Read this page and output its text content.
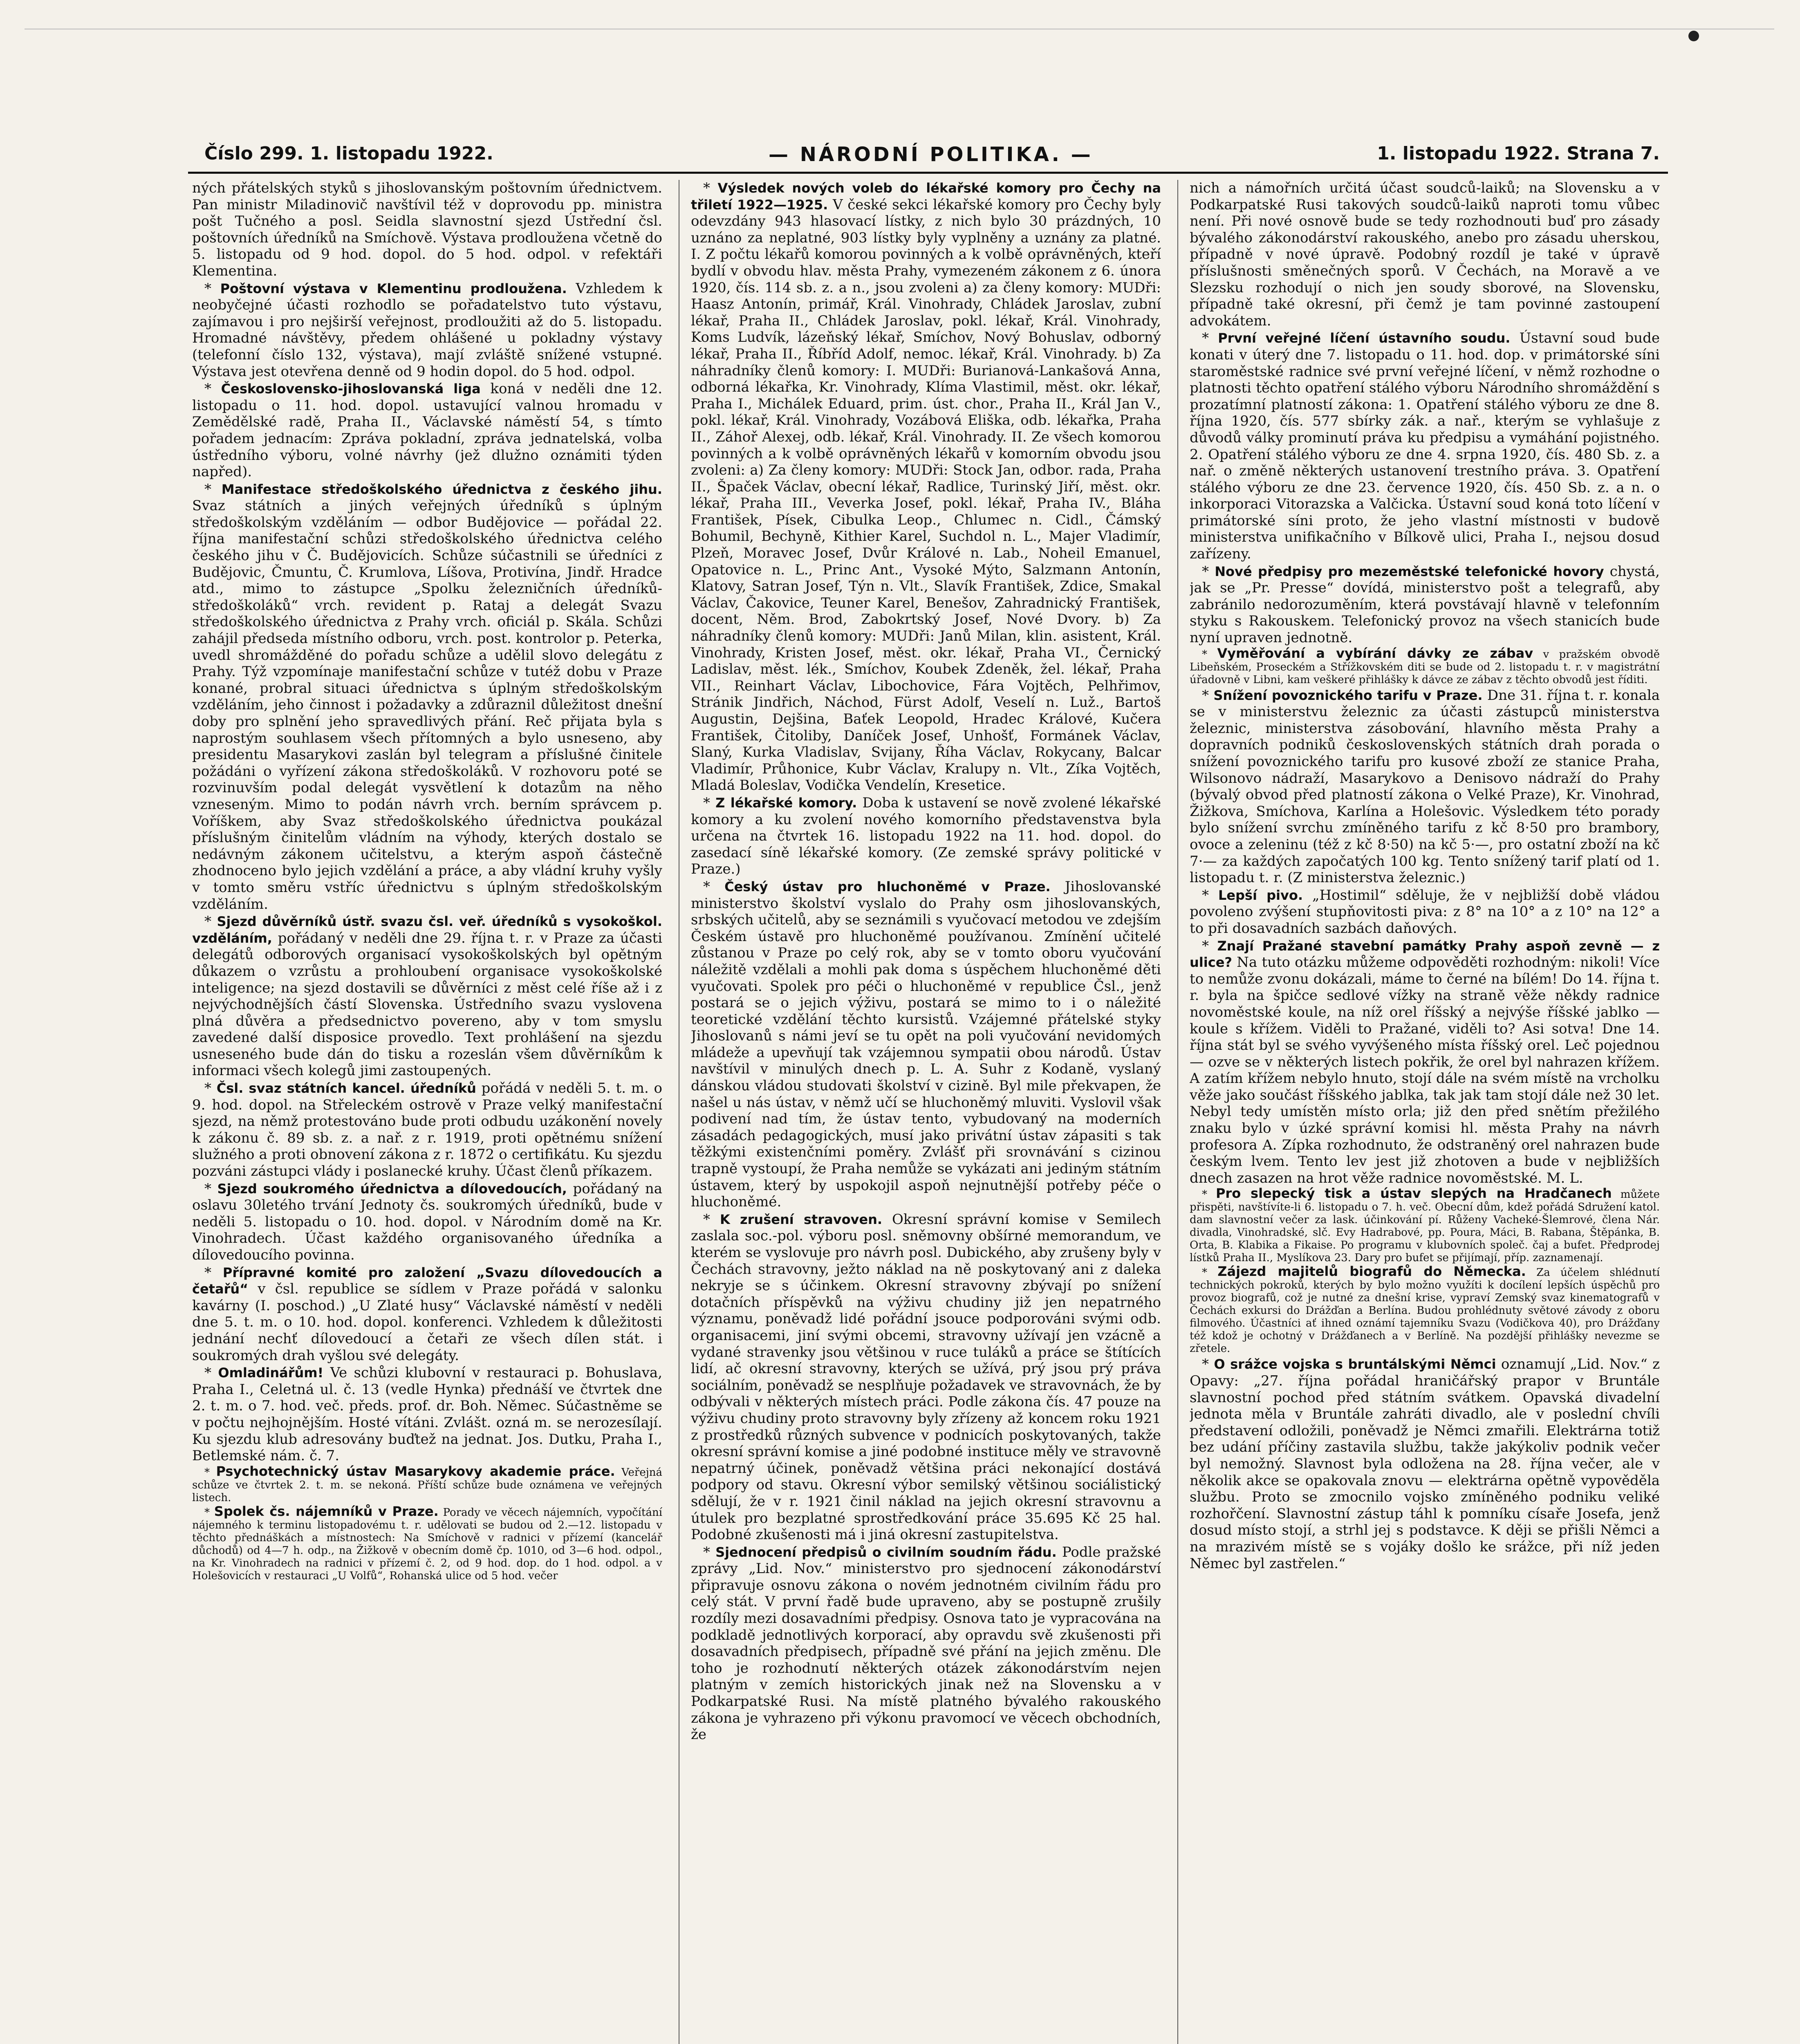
Číslo 299. 1. listopadu 1922.	— NÁRODNÍ POLITIKA. —	1. listopadu 1922. Strana 7.

ných přátelských styků s jihoslovanským poštovním úřednictvem. Pan ministr Miladinovič navštívil též v doprovodu pp. ministra pošt Tučného a posl. Seidla slavnostní sjezd Ústřední čsl. poštovních úředníků na Smíchově. Výstava prodloužena včetně do 5. listopadu od 9 hod. dopol. do 5 hod. odpol. v refektáři Klementina.

* Poštovní výstava v Klementinu prodloužena. Vzhledem k neobyčejné účasti rozhodlo se pořadatelstvo tuto výstavu, zajímavou i pro nejširší veřejnost, prodloužiti až do 5. listopadu. Hromadné návštěvy, předem ohlášené u pokladny výstavy (telefonní číslo 132, výstava), mají zvláště snížené vstupné. Výstava jest otevřena denně od 9 hodin dopol. do 5 hod. odpol.

* Československo-jihoslovanská liga koná v neděli dne 12. listopadu o 11. hod. dopol. ustavující valnou hromadu v Zemědělské radě, Praha II., Václavské náměstí 54, s tímto pořadem jednacím: Zpráva pokladní, zpráva jednatelská, volba ústředního výboru, volné návrhy (jež dlužno oznámiti týden napřed).

* Manifestace středoškolského úřednictva z českého jihu. Svaz státních a jiných veřejných úředníků s úplným středoškolským vzděláním — odbor Budějovice — pořádal 22. října manifestační schůzi středoškolského úřednictva celého českého jihu v Č. Budějovicích. Schůze súčastnili se úředníci z Budějovic, Čmuntu, Č. Krumlova, Líšova, Protivína, Jindř. Hradce atd., mimo to zástupce „Spolku železničních úředníků-středoškoláků“ vrch. revident p. Rataj a delegát Svazu středoškolského úřednictva z Prahy vrch. oficiál p. Skála. Schůzi zahájil předseda místního odboru, vrch. post. kontrolor p. Peterka, uvedl shromážděné do pořadu schůze a udělil slovo delegátu z Prahy. Týž vzpomínaje manifestační schůze v tutéž dobu v Praze konané, probral situaci úřednictva s úplným středoškolským vzděláním, jeho činnost i požadavky a zdůraznil důležitost dnešní doby pro splnění jeho spravedlivých přání. Reč přijata byla s naprostým souhlasem všech přítomných a bylo usneseno, aby presidentu Masarykovi zaslán byl telegram a příslušné činitele požádáni o vyřízení zákona středoškoláků. V rozhovoru poté se rozvinuvším podal delegát vysvětlení k dotazům na něho vzneseným. Mimo to podán návrh vrch. berním správcem p. Voříškem, aby Svaz středoškolského úřednictva poukázal příslušným činitelům vládním na výhody, kterých dostalo se nedávným zákonem učitelstvu, a kterým aspoň částečně zhodnoceno bylo jejich vzdělání a práce, a aby vládní kruhy vyšly v tomto směru vstříc úřednictvu s úplným středoškolským vzděláním.

* Sjezd důvěrníků ústř. svazu čsl. veř. úředníků s vysokoškol. vzděláním, pořádaný v neděli dne 29. října t. r. v Praze za účasti delegátů odborových organisací vysokoškolských byl opětným důkazem o vzrůstu a prohloubení organisace vysokoškolské inteligence; na sjezd dostavili se důvěrníci z měst celé říše až i z nejvýchodnějších částí Slovenska. Ústředního svazu vyslovena plná důvěra a předsednictvo povereno, aby v tom smyslu zavedené další disposice provedlo. Text prohlášení na sjezdu usneseného bude dán do tisku a rozeslán všem důvěrníkům k informaci všech kolegů jimi zastoupených.

* Čsl. svaz státních kancel. úředníků pořádá v neděli 5. t. m. o 9. hod. dopol. na Střeleckém ostrově v Praze velký manifestační sjezd, na němž protestováno bude proti odbudu uzákonění novely k zákonu č. 89 sb. z. a nař. z r. 1919, proti opětnému snížení služného a proti obnovení zákona z r. 1872 o certifikátu. Ku sjezdu pozváni zástupci vlády i poslanecké kruhy. Účast členů příkazem.

* Sjezd soukromého úřednictva a dílovedoucích, pořádaný na oslavu 30letého trvání Jednoty čs. soukromých úředníků, bude v neděli 5. listopadu o 10. hod. dopol. v Národním domě na Kr. Vinohradech. Účast každého organisovaného úředníka a dílovedoucího povinna.

* Přípravné komité pro založení „Svazu dílovedoucích a četařů“ v čsl. republice se sídlem v Praze pořádá v salonku kavárny (I. poschod.) „U Zlaté husy“ Václavské náměstí v neděli dne 5. t. m. o 10. hod. dopol. konferenci. Vzhledem k důležitosti jednání nechť dílovedoucí a četaři ze všech dílen stát. i soukromých drah vyšlou své delegáty.

* Omladinářům! Ve schůzi klubovní v restauraci p. Bohuslava, Praha I., Celetná ul. č. 13 (vedle Hynka) přednáší ve čtvrtek dne 2. t. m. o 7. hod. več. předs. prof. dr. Boh. Němec. Súčastněme se v počtu nejhojnějším. Hosté vítáni. Zvlášt. ozná m. se nerozesílají. Ku sjezdu klub adresovány buďtež na jednat. Jos. Dutku, Praha I., Betlemské nám. č. 7.

* Psychotechnický ústav Masarykovy akademie práce. Veřejná schůze ve čtvrtek 2. t. m. se nekoná. Příští schůze bude oznámena ve veřejných listech.

* Spolek čs. nájemníků v Praze. Porady ve věcech nájemních, vypočítání nájemného k terminu listopadovému t. r. udělovati se budou od 2.—12. listopadu v těchto přednáškách a místnostech: Na Smíchově v radnici v přízemí (kancelář důchodů) od 4—7 h. odp., na Žižkově v obecním domě čp. 1010, od 3—6 hod. odpol., na Kr. Vinohradech na radnici v přízemí č. 2, od 9 hod. dop. do 1 hod. odpol. a v Holešovicích v restauraci „U Volfů“, Rohanská ulice od 5 hod. večer

* Výsledek nových voleb do lékařské komory pro Čechy na třiletí 1922—1925. V české sekci lékařské komory pro Čechy byly odevzdány 943 hlasovací lístky, z nich bylo 30 prázdných, 10 uznáno za neplatné, 903 lístky byly vyplněny a uznány za platné. I. Z počtu lékařů komorou povinných a k volbě oprávněných, kteří bydlí v obvodu hlav. města Prahy, vymezeném zákonem z 6. února 1920, čís. 114 sb. z. a n., jsou zvoleni a) za členy komory: MUDři: Haasz Antonín, primář, Král. Vinohrady, Chládek Jaroslav, zubní lékař, Praha II., Chládek Jaroslav, pokl. lékař, Král. Vinohrady, Koms Ludvík, lázeňský lékař, Smíchov, Nový Bohuslav, odborný lékař, Praha II., Říbříd Adolf, nemoc. lékař, Král. Vinohrady. b) Za náhradníky členů komory: I. MUDři: Burianová-Lankašová Anna, odborná lékařka, Kr. Vinohrady, Klíma Vlastimil, měst. okr. lékař, Praha I., Michálek Eduard, prim. úst. chor., Praha II., Král Jan V., pokl. lékař, Král. Vinohrady, Vozábová Eliška, odb. lékařka, Praha II., Záhoř Alexej, odb. lékař, Král. Vinohrady. II. Ze všech komorou povinných a k volbě oprávněných lékařů v komorním obvodu jsou zvoleni: a) Za členy komory: MUDři: Stock Jan, odbor. rada, Praha II., Špaček Václav, obecní lékař, Radlice, Turinský Jiří, měst. okr. lékař, Praha III., Veverka Josef, pokl. lékař, Praha IV., Bláha František, Písek, Cibulka Leop., Chlumec n. Cidl., Čámský Bohumil, Bechyně, Kithier Karel, Suchdol n. L., Majer Vladimír, Plzeň, Moravec Josef, Dvůr Králové n. Lab., Noheil Emanuel, Opatovice n. L., Princ Ant., Vysoké Mýto, Salzmann Antonín, Klatovy, Satran Josef, Týn n. Vlt., Slavík František, Zdice, Smakal Václav, Čakovice, Teuner Karel, Benešov, Zahradnický František, docent, Něm. Brod, Zabokrtský Josef, Nové Dvory. b) Za náhradníky členů komory: MUDři: Janů Milan, klin. asistent, Král. Vinohrady, Kristen Josef, měst. okr. lékař, Praha VI., Černický Ladislav, měst. lék., Smíchov, Koubek Zdeněk, žel. lékař, Praha VII., Reinhart Václav, Libochovice, Fára Vojtěch, Pelhřimov, Stránik Jindřich, Náchod, Fürst Adolf, Veselí n. Luž., Bartoš Augustin, Dejšina, Baťek Leopold, Hradec Králové, Kučera František, Čitoliby, Daníček Josef, Unhošť, Formánek Václav, Slaný, Kurka Vladislav, Svijany, Říha Václav, Rokycany, Balcar Vladimír, Průhonice, Kubr Václav, Kralupy n. Vlt., Zíka Vojtěch, Mladá Boleslav, Vodička Vendelín, Kresetice.

* Z lékařské komory. Doba k ustavení se nově zvolené lékařské komory a ku zvolení nového komorního představenstva byla určena na čtvrtek 16. listopadu 1922 na 11. hod. dopol. do zasedací síně lékařské komory. (Ze zemské správy politické v Praze.)

* Český ústav pro hluchoněmé v Praze. Jihoslovanské ministerstvo školství vyslalo do Prahy osm jihoslovanských, srbských učitelů, aby se seznámili s vyučovací metodou ve zdejším Českém ústavě pro hluchoněmé používanou. Zmínění učitelé zůstanou v Praze po celý rok, aby se v tomto oboru vyučování náležitě vzdělali a mohli pak doma s úspěchem hluchoněmé děti vyučovati. Spolek pro péči o hluchoněmé v republice Čsl., jenž postará se o jejich výživu, postará se mimo to i o náležité teoretické vzdělání těchto kursistů. Vzájemné přátelské styky Jihoslovanů s námi jeví se tu opět na poli vyučování nevidomých mládeže a upevňují tak vzájemnou sympatii obou národů. Ústav navštívil v minulých dnech p. L. A. Suhr z Kodaně, vyslaný dánskou vládou studovati školství v cizině. Byl mile překvapen, že našel u nás ústav, v němž učí se hluchoněmý mluviti. Vyslovil však podivení nad tím, že ústav tento, vybudovaný na moderních zásadách pedagogických, musí jako privátní ústav zápasiti s tak těžkými existenčními poměry. Zvlášť při srovnávání s cizinou trapně vystoupí, že Praha nemůže se vykázati ani jediným státním ústavem, který by uspokojil aspoň nejnutnější potřeby péče o hluchoněmé.

* K zrušení stravoven. Okresní správní komise v Semilech zaslala soc.-pol. výboru posl. sněmovny obšírné memorandum, ve kterém se vyslovuje pro návrh posl. Dubického, aby zrušeny byly v Čechách stravovny, ježto náklad na ně poskytovaný ani z daleka nekryje se s účinkem. Okresní stravovny zbývají po snížení dotačních příspěvků na výživu chudiny již jen nepatrného významu, poněvadž lidé pořádní jsouce podporováni svými odb. organisacemi, jiní svými obcemi, stravovny užívají jen vzácně a vydané stravenky jsou většinou v ruce tuláků a práce se štítících lidí, ač okresní stravovny, kterých se užívá, prý jsou prý práva sociálním, poněvadž se nesplňuje požadavek ve stravovnách, že by odbývali v některých místech práci. Podle zákona čís. 47 pouze na výživu chudiny proto stravovny byly zřízeny až koncem roku 1921 z prostředků různých subvence v podnicích poskytovaných, takže okresní správní komise a jiné podobné instituce měly ve stravovně nepatrný účinek, poněvadž většina práci nekonající dostává podpory od stavu. Okresní výbor semilský většinou sociálistický sdělují, že v r. 1921 činil náklad na jejich okresní stravovnu a útulek pro bezplatné sprostředkování práce 35.695 Kč 25 hal. Podobné zkušenosti má i jiná okresní zastupitelstva.

* Sjednocení předpisů o civilním soudním řádu. Podle pražské zprávy „Lid. Nov.“ ministerstvo pro sjednocení zákonodárství připravuje osnovu zákona o novém jednotném civilním řádu pro celý stát. V první řadě bude upraveno, aby se postupně zrušily rozdíly mezi dosavadními předpisy. Osnova tato je vypracována na podkladě jednotlivých korporací, aby opravdu svě zkušenosti při dosavadních předpisech, případně své přání na jejich změnu. Dle toho je rozhodnutí některých otázek zákonodárstvím nejen platným v zemích historických jinak než na Slovensku a v Podkarpatské Rusi. Na místě platného bývalého rakouského zákona je vyhrazeno při výkonu pravomocí ve věcech obchodních, že

nich a námořních určitá účast soudců-laiků; na Slovensku a v Podkarpatské Rusi takových soudců-laiků naproti tomu vůbec není. Při nové osnově bude se tedy rozhodnouti buď pro zásady bývalého zákonodárství rakouského, anebo pro zásadu uherskou, případně v nové úpravě. Podobný rozdíl je také v úpravě příslušnosti směnečných sporů. V Čechách, na Moravě a ve Slezsku rozhodují o nich jen soudy sborové, na Slovensku, případně také okresní, při čemž je tam povinné zastoupení advokátem.

* První veřejné líčení ústavního soudu. Ústavní soud bude konati v úterý dne 7. listopadu o 11. hod. dop. v primátorské síni staroměstské radnice své první veřejné líčení, v němž rozhodne o platnosti těchto opatření stálého výboru Národního shromáždění s prozatímní platností zákona: 1. Opatření stálého výboru ze dne 8. října 1920, čís. 577 sbírky zák. a nař., kterým se vyhlašuje z důvodů války prominutí práva ku předpisu a vymáhání pojistného. 2. Opatření stálého výboru ze dne 4. srpna 1920, čís. 480 Sb. z. a nař. o změně některých ustanovení trestního práva. 3. Opatření stálého výboru ze dne 23. července 1920, čís. 450 Sb. z. a n. o inkorporaci Vitorazska a Valčicka. Ústavní soud koná toto líčení v primátorské síni proto, že jeho vlastní místnosti v budově ministerstva unifikačního v Bílkově ulici, Praha I., nejsou dosud zařízeny.

* Nové předpisy pro mezeměstské telefonické hovory chystá, jak se „Pr. Presse“ dovídá, ministerstvo pošt a telegrafů, aby zabránilo nedorozuměním, která povstávají hlavně v telefonním styku s Rakouskem. Telefonický provoz na všech stanicích bude nyní upraven jednotně.

* Vyměřování a vybírání dávky ze zábav v pražském obvodě Libeňském, Proseckém a Střížkovském diti se bude od 2. listopadu t. r. v magistrátní úřadovně v Libni, kam veškeré přihlášky k dávce ze zábav z těchto obvodů jest říditi.

* Snížení povoznického tarifu v Praze. Dne 31. října t. r. konala se v ministerstvu železnic za účasti zástupců ministerstva železnic, ministerstva zásobování, hlavního města Prahy a dopravních podniků československých státních drah porada o snížení povoznického tarifu pro kusové zboží ze stanice Praha, Wilsonovo nádraží, Masarykovo a Denisovo nádraží do Prahy (bývalý obvod před platností zákona o Velké Praze), Kr. Vinohrad, Žižkova, Smíchova, Karlína a Holešovic. Výsledkem této porady bylo snížení svrchu zmíněného tarifu z kč 8·50 pro brambory, ovoce a zeleninu (též z kč 8·50) na kč 5·—, pro ostatní zboží na kč 7·— za každých započatých 100 kg. Tento snížený tarif platí od 1. listopadu t. r. (Z ministerstva železnic.)

* Lepší pivo. „Hostimil“ sděluje, že v nejbližší době vládou povoleno zvýšení stupňovitosti piva: z 8° na 10° a z 10° na 12° a to při dosavadních sazbách daňových.

* Znají Pražané stavební památky Prahy aspoň zevně — z ulice? Na tuto otázku můžeme odpověděti rozhodným: nikoli! Více to nemůže zvonu dokázali, máme to černé na bílém! Do 14. října t. r. byla na špičce sedlové vížky na straně věže někdy radnice novoměstské koule, na níž orel říšský a nejvýše říšské jablko — koule s křížem. Viděli to Pražané, viděli to? Asi sotva! Dne 14. října stát byl se svého vyvýšeného místa říšský orel. Leč pojednou — ozve se v některých listech pokřik, že orel byl nahrazen křížem. A zatím křížem nebylo hnuto, stojí dále na svém místě na vrcholku věže jako součást říšského jablka, tak jak tam stojí dále než 30 let. Nebyl tedy umístěn místo orla; již den před snětím přežilého znaku bylo v úzké správní komisi hl. města Prahy na návrh profesora A. Zípka rozhodnuto, že odstraněný orel nahrazen bude českým lvem. Tento lev jest již zhotoven a bude v nejbližších dnech zasazen na hrot věže radnice novoměstské. M. L.

* Pro slepecký tisk a ústav slepých na Hradčanech můžete přispěti, navštívíte-li 6. listopadu o 7. h. več. Obecní dům, kdež pořádá Sdružení katol. dam slavnostní večer za lask. účinkování pí. Růženy Vacheké-Šlemrové, člena Nár. divadla, Vinohradské, slč. Evy Hadrabové, pp. Poura, Máci, B. Rabana, Štěpánka, B. Orta, B. Klabika a Fikaise. Po programu v klubovních společ. čaj a bufet. Předprodej lístků Praha II., Myslíkova 23. Dary pro bufet se přijímají, příp. zaznamenají.

* Zájezd majitelů biografů do Německa. Za účelem shlédnutí technických pokroků, kterých by bylo možno využíti k docílení lepších úspěchů pro provoz biografů, což je nutné za dnešní krise, vypraví Zemský svaz kinematografů v Čechách exkursi do Drážďan a Berlína. Budou prohlédnuty světové závody z oboru filmového. Účastníci ať ihned oznámí tajemníku Svazu (Vodičkova 40), pro Drážďany též kdož je ochotný v Drážďanech a v Berlíně. Na pozdější přihlášky nevezme se zřetele.

* O srážce vojska s bruntálskými Němci oznamují „Lid. Nov.“ z Opavy: „27. října pořádal hraničářský prapor v Bruntále slavnostní pochod před státním svátkem. Opavská divadelní jednota měla v Bruntále zahráti divadlo, ale v poslední chvíli představení odložili, poněvadž je Němci zmařili. Elektrárna totiž bez udání příčiny zastavila službu, takže jakýkoliv podnik večer byl nemožný. Slavnost byla odložena na 28. října večer, ale v několik akce se opakovala znovu — elektrárna opětně vypověděla službu. Proto se zmocnilo vojsko zmíněného podniku veliké rozhořčení. Slavnostní zástup táhl k pomníku císaře Josefa, jenž dosud místo stojí, a strhl jej s podstavce. K ději se přišli Němci a na mrazivém místě se s vojáky došlo ke srážce, při níž jeden Němec byl zastřelen.“
